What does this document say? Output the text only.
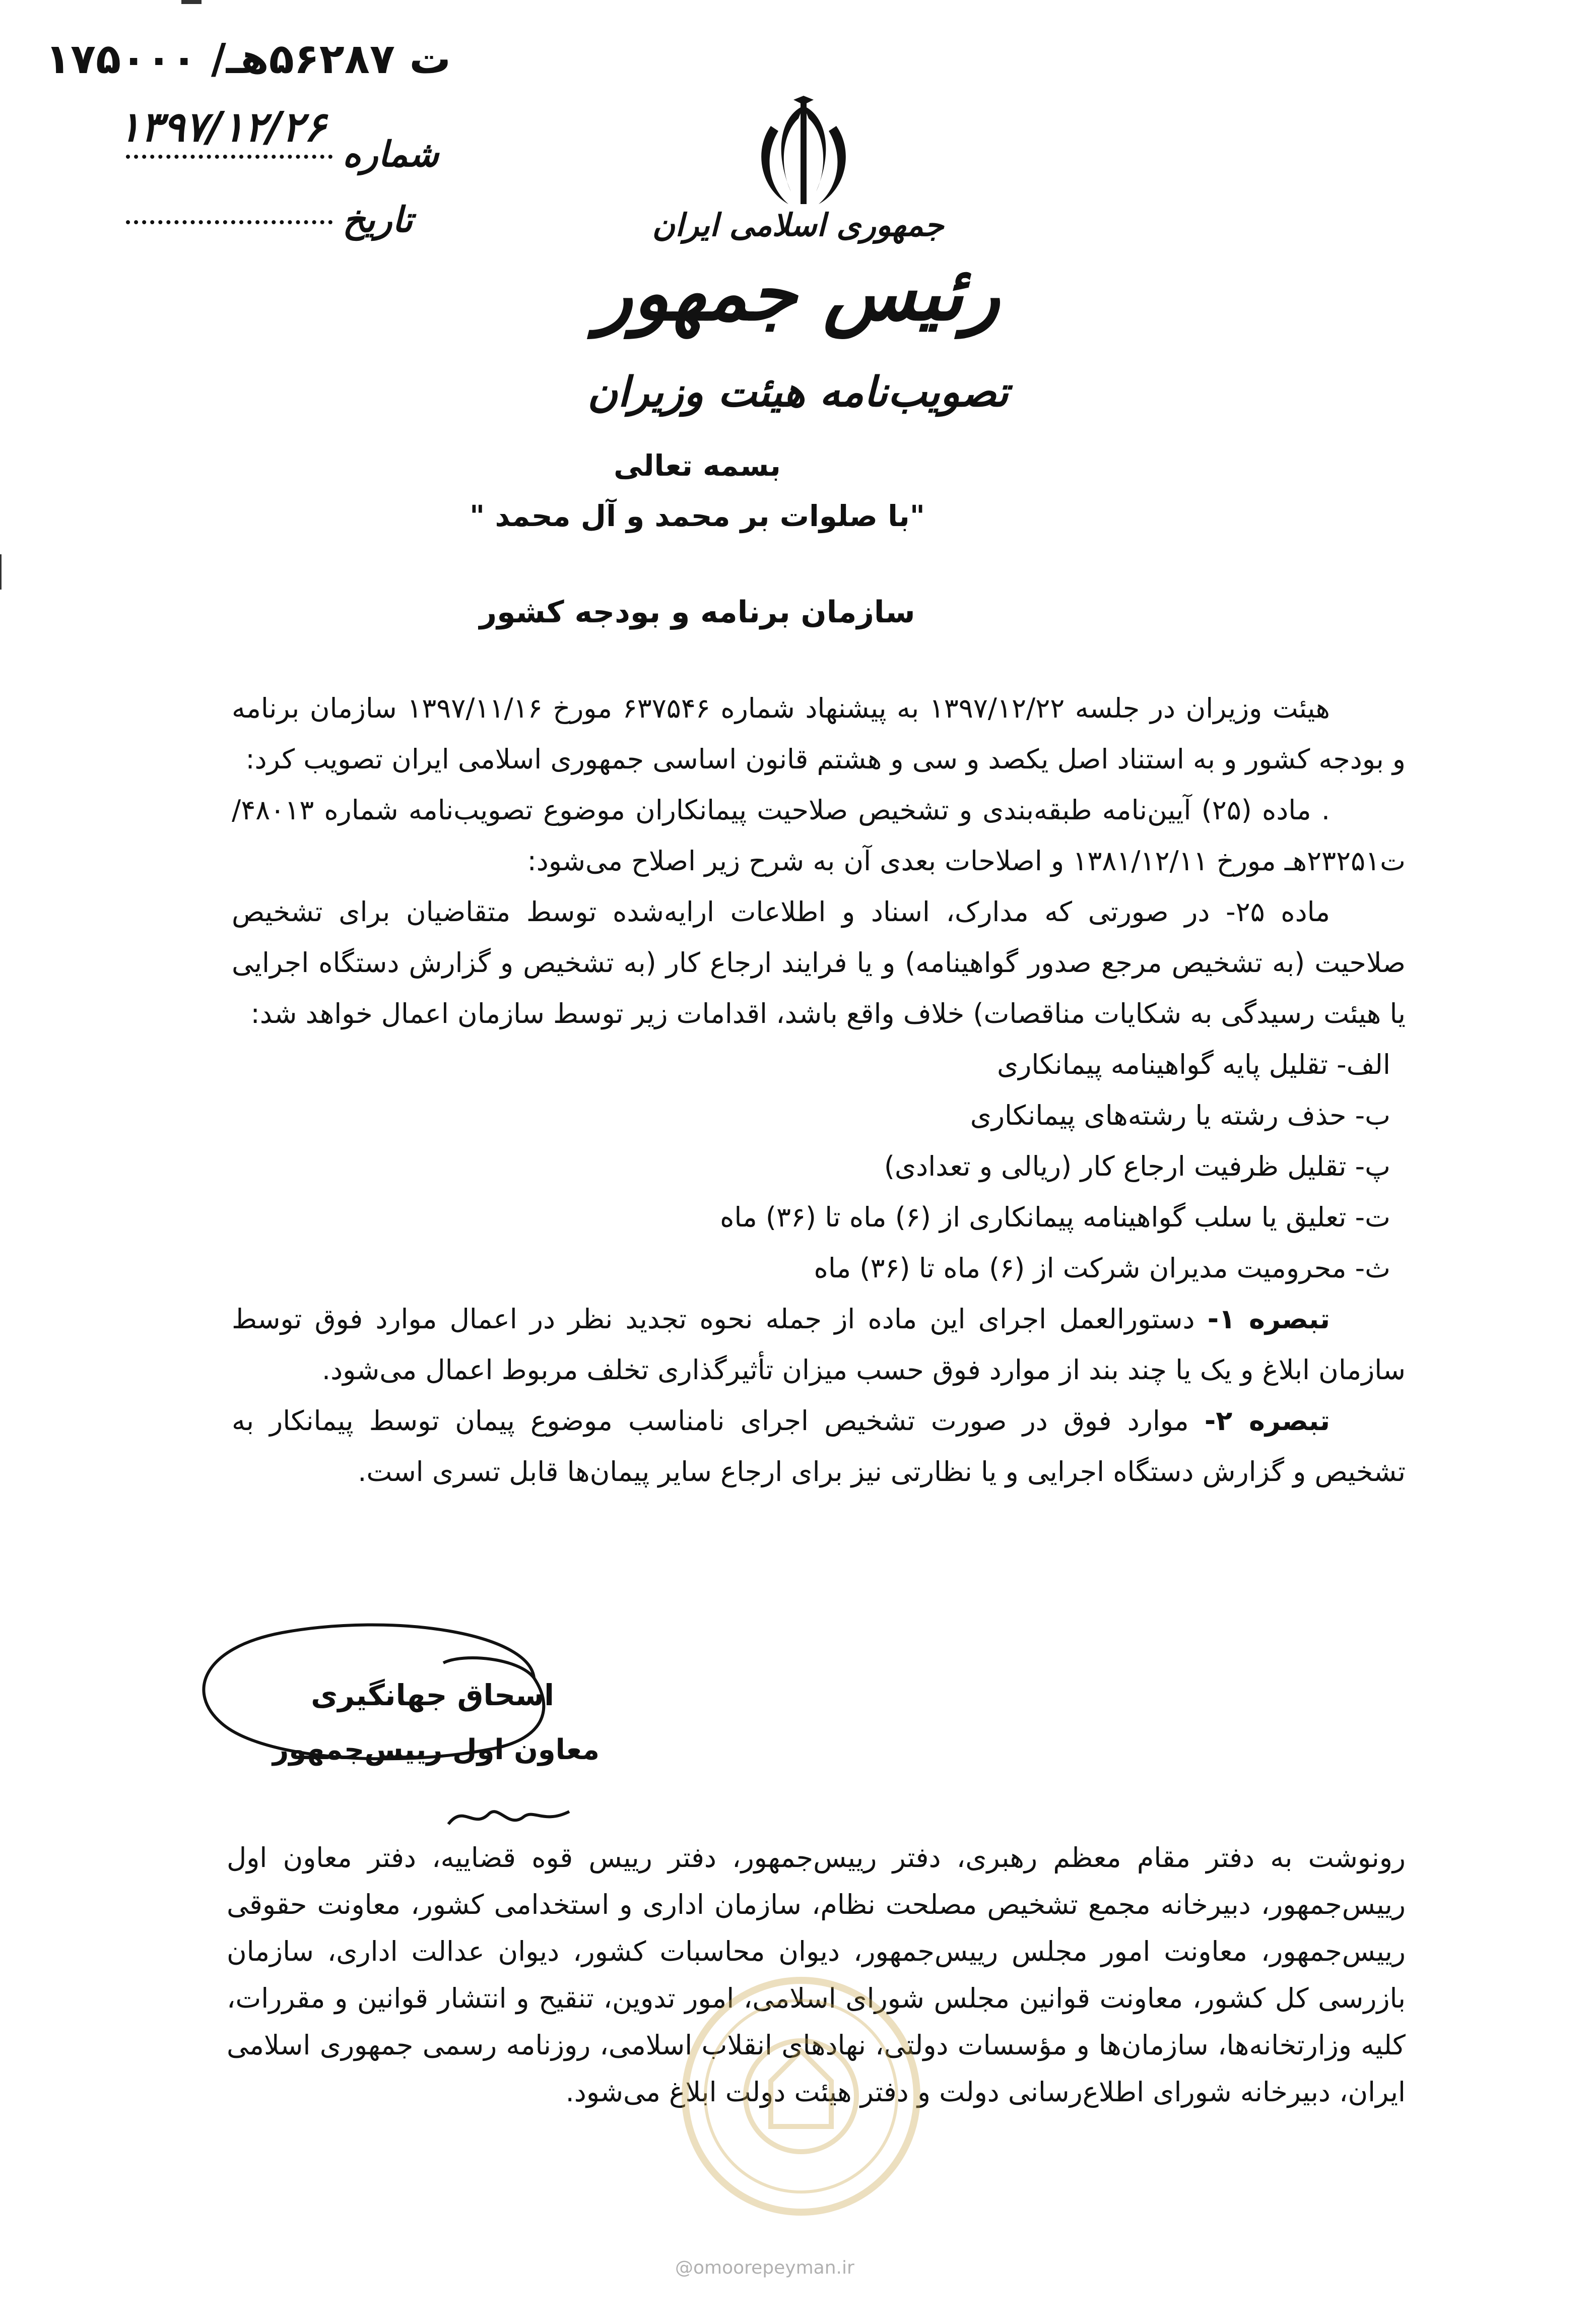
۱۷۵۰۰۰ /ت ۵۶۲۸۷هـ
۱۳۹۷/۱۲/۲۶
شماره
تاریخ	جمهوری اسلامی ایران
رئیس جمهور
تصویب‌نامه هیئت وزیران
بسمه تعالی
"با صلوات بر محمد و آل محمد "
سازمان برنامه و بودجه کشور

هیئت وزیران در جلسه ۱۳۹۷/۱۲/۲۲ به پیشنهاد شماره ۶۳۷۵۴۶ مورخ ۱۳۹۷/۱۱/۱۶ سازمان برنامه و بودجه کشور و به استناد اصل یکصد و سی و هشتم قانون اساسی جمهوری اسلامی ایران تصویب کرد:

. ماده (۲۵) آیین‌نامه طبقه‌بندی و تشخیص صلاحیت پیمانکاران موضوع تصویب‌نامه شماره ۴۸۰۱۳/ت۲۳۲۵۱هـ مورخ ۱۳۸۱/۱۲/۱۱ و اصلاحات بعدی آن به شرح زیر اصلاح می‌شود:

ماده ۲۵- در صورتی که مدارک، اسناد و اطلاعات ارایه‌شده توسط متقاضیان برای تشخیص صلاحیت (به تشخیص مرجع صدور گواهینامه) و یا فرایند ارجاع کار (به تشخیص و گزارش دستگاه اجرایی یا هیئت رسیدگی به شکایات مناقصات) خلاف واقع باشد، اقدامات زیر توسط سازمان اعمال خواهد شد:

الف- تقلیل پایه گواهینامه پیمانکاری

ب- حذف رشته یا رشته‌های پیمانکاری

پ- تقلیل ظرفیت ارجاع کار (ریالی و تعدادی)

ت- تعلیق یا سلب گواهینامه پیمانکاری از (۶) ماه تا (۳۶) ماه

ث- محرومیت مدیران شرکت از (۶) ماه تا (۳۶) ماه

تبصره ۱- دستورالعمل اجرای این ماده از جمله نحوه تجدید نظر در اعمال موارد فوق توسط سازمان ابلاغ و یک یا چند بند از موارد فوق حسب میزان تأثیرگذاری تخلف مربوط اعمال می‌شود.

تبصره ۲- موارد فوق در صورت تشخیص اجرای نامناسب موضوع پیمان توسط پیمانکار به تشخیص و گزارش دستگاه اجرایی و یا نظارتی نیز برای ارجاع سایر پیمان‌ها قابل تسری است.

اسحاق جهانگیری
معاون اول رییس‌جمهور
رونوشت به دفتر مقام معظم رهبری، دفتر رییس‌جمهور، دفتر رییس قوه قضاییه، دفتر معاون اول رییس‌جمهور، دبیرخانه مجمع تشخیص مصلحت نظام، سازمان اداری و استخدامی کشور، معاونت حقوقی رییس‌جمهور، معاونت امور مجلس رییس‌جمهور، دیوان محاسبات کشور، دیوان عدالت اداری، سازمان بازرسی کل کشور، معاونت قوانین مجلس شورای اسلامی، امور تدوین، تنقیح و انتشار قوانین و مقررات، کلیه وزارتخانه‌ها، سازمان‌ها و مؤسسات دولتی، نهادهای انقلاب اسلامی، روزنامه رسمی جمهوری اسلامی ایران، دبیرخانه شورای اطلاع‌رسانی دولت و دفتر هیئت دولت ابلاغ می‌شود.
@omoorepeyman.ir
